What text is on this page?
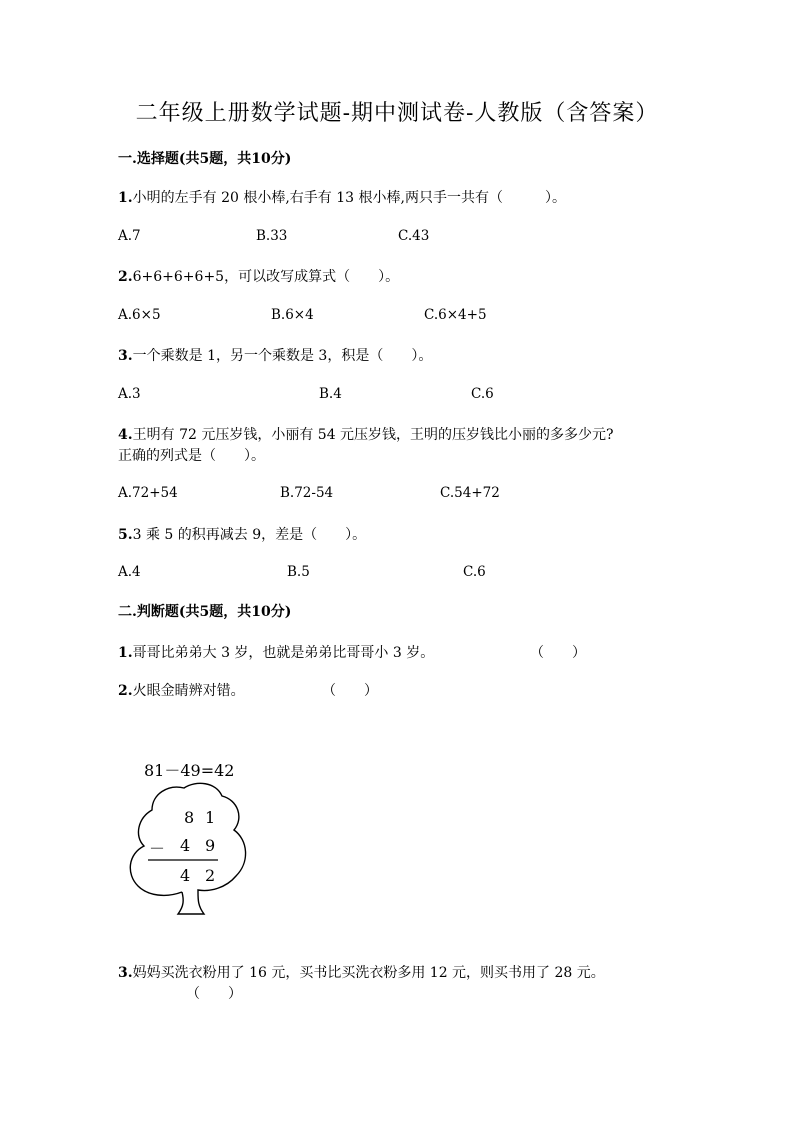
二年级上册数学试题-期中测试卷-人教版（含答案）
一.选择题(共5题，共10分)
1.小明的左手有 20 根小棒,右手有 13 根小棒,两只手一共有（　　　）。
A.7	B.33	C.43
2.6+6+6+6+5，可以改写成算式（　　）。
A.6×5	B.6×4	C.6×4+5
3.一个乘数是 1，另一个乘数是 3，积是（　　）。
A.3	B.4	C.6
4.王明有 72 元压岁钱，小丽有 54 元压岁钱，王明的压岁钱比小丽的多多少元?
正确的列式是（　　）。
A.72+54	B.72-54	C.54+72
5.3 乘 5 的积再减去 9，差是（　　）。
A.4	B.5	C.6
二.判断题(共5题，共10分)
1.哥哥比弟弟大 3 岁，也就是弟弟比哥哥小 3 岁。	（　　）
2.火眼金睛辨对错。	（　　）
81－49=42
8 1
－ 4 9
4 2
3.妈妈买洗衣粉用了 16 元，买书比买洗衣粉多用 12 元，则买书用了 28 元。
（　　）
